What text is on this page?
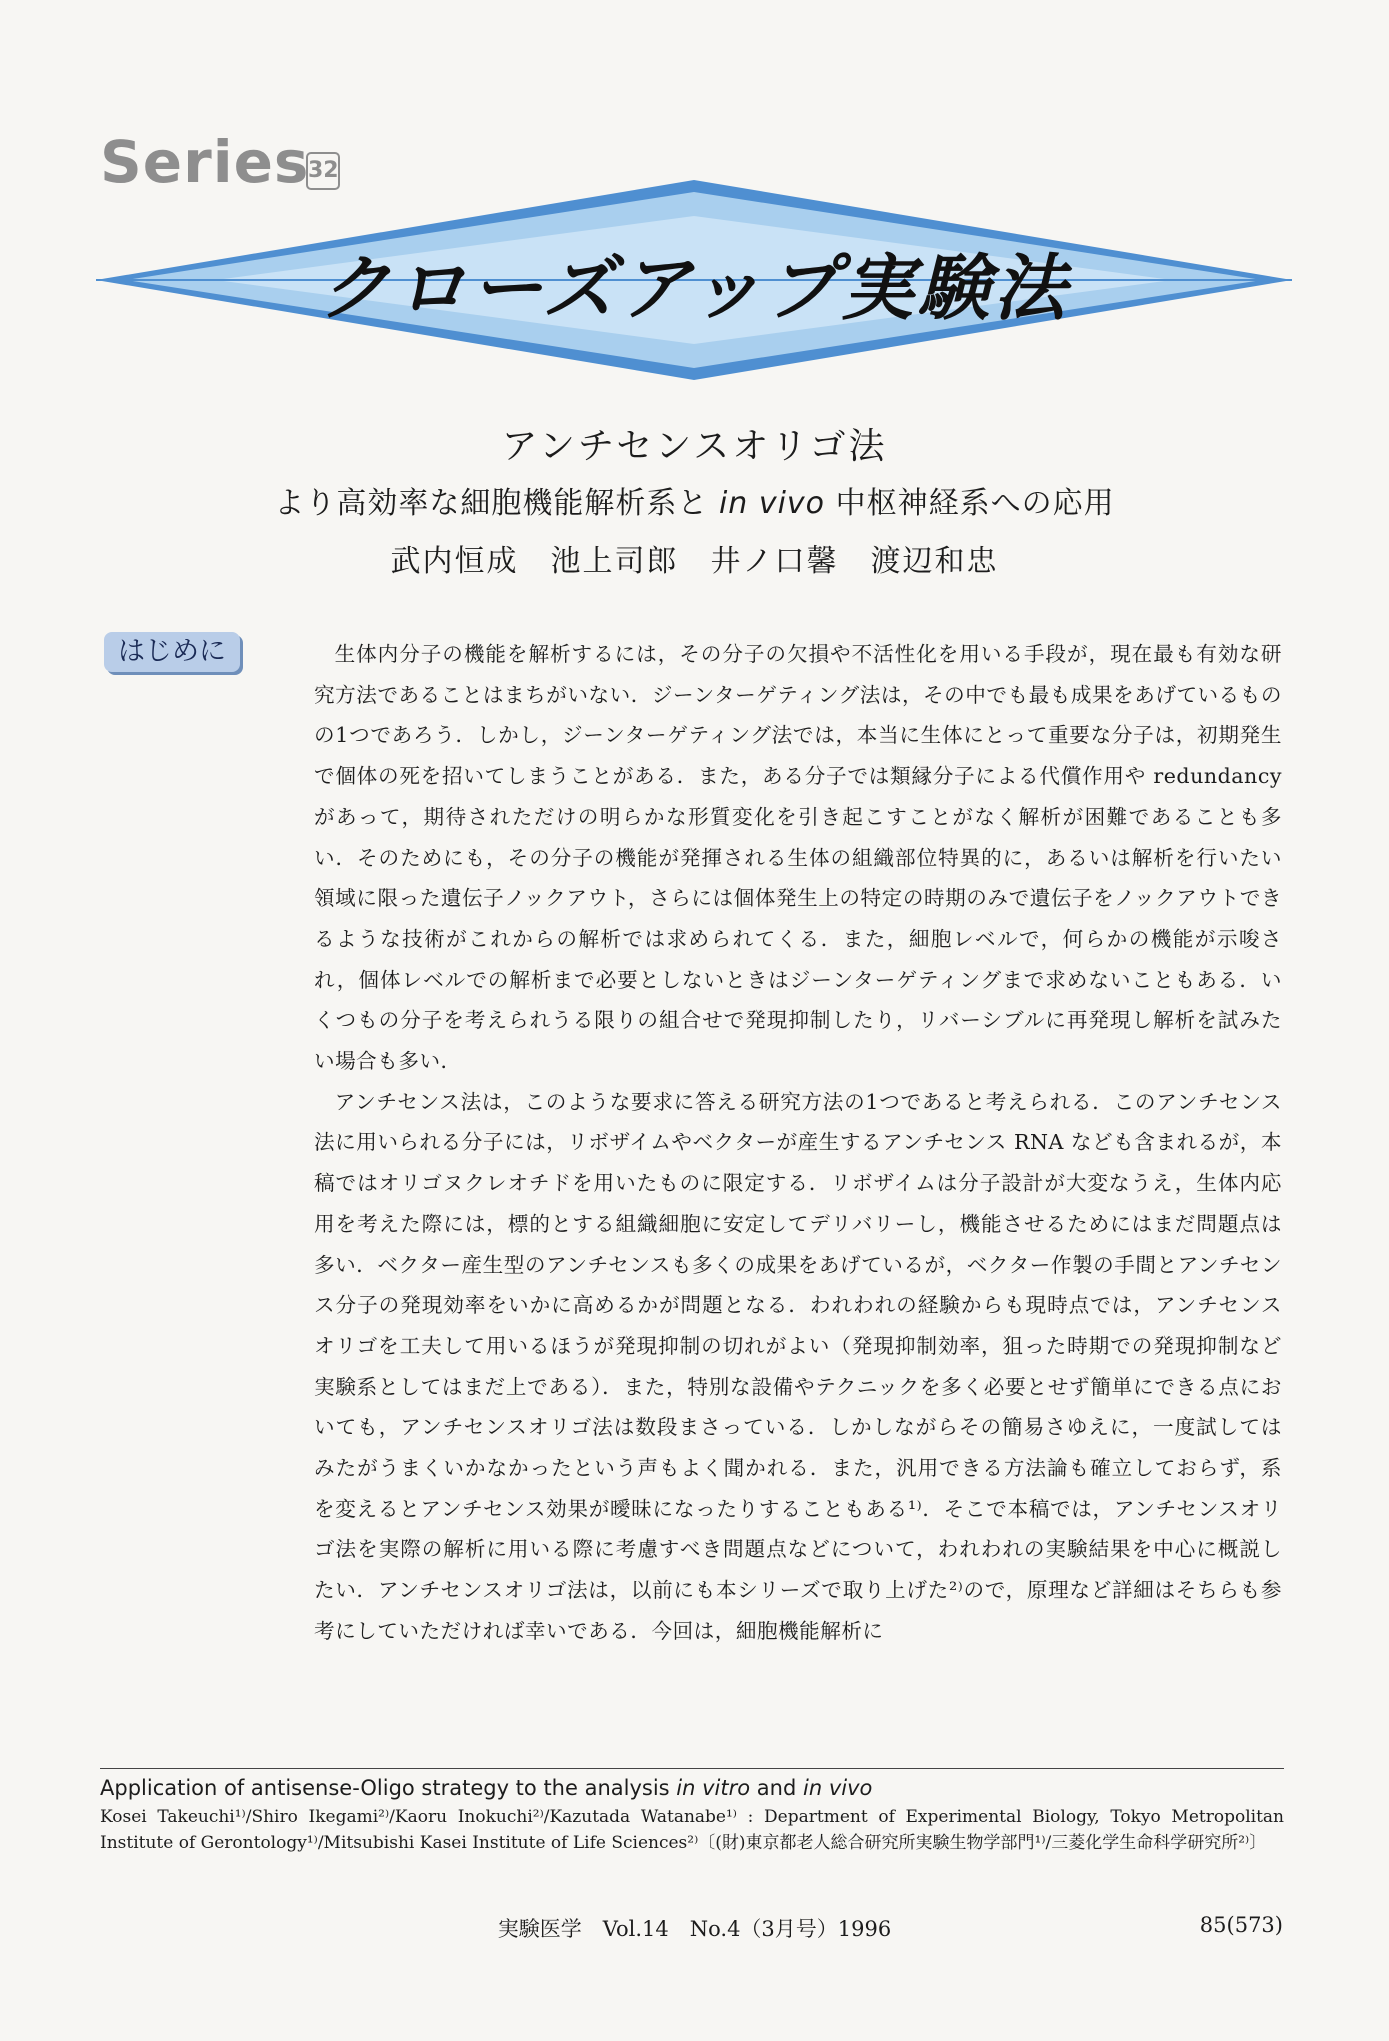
Series
32
クローズアップ実験法
アンチセンスオリゴ法
より高効率な細胞機能解析系と in vivo 中枢神経系への応用
武内恒成　池上司郎　井ノ口馨　渡辺和忠
はじめに	生体内分子の機能を解析するには，その分子の欠損や不活性化を用いる手段が，現在最も有効な研究方法であることはまちがいない．ジーンターゲティング法は，その中でも最も成果をあげているものの1つであろう．しかし，ジーンターゲティング法では，本当に生体にとって重要な分子は，初期発生で個体の死を招いてしまうことがある．また，ある分子では類縁分子による代償作用や redundancy があって，期待されただけの明らかな形質変化を引き起こすことがなく解析が困難であることも多い．そのためにも，その分子の機能が発揮される生体の組織部位特異的に，あるいは解析を行いたい領域に限った遺伝子ノックアウト，さらには個体発生上の特定の時期のみで遺伝子をノックアウトできるような技術がこれからの解析では求められてくる．また，細胞レベルで，何らかの機能が示唆され，個体レベルでの解析まで必要としないときはジーンターゲティングまで求めないこともある．いくつもの分子を考えられうる限りの組合せで発現抑制したり，リバーシブルに再発現し解析を試みたい場合も多い．

アンチセンス法は，このような要求に答える研究方法の1つであると考えられる．このアンチセンス法に用いられる分子には，リボザイムやベクターが産生するアンチセンス RNA なども含まれるが，本稿ではオリゴヌクレオチドを用いたものに限定する．リボザイムは分子設計が大変なうえ，生体内応用を考えた際には，標的とする組織細胞に安定してデリバリーし，機能させるためにはまだ問題点は多い．ベクター産生型のアンチセンスも多くの成果をあげているが，ベクター作製の手間とアンチセンス分子の発現効率をいかに高めるかが問題となる．われわれの経験からも現時点では，アンチセンスオリゴを工夫して用いるほうが発現抑制の切れがよい（発現抑制効率，狙った時期での発現抑制など実験系としてはまだ上である）．また，特別な設備やテクニックを多く必要とせず簡単にできる点においても，アンチセンスオリゴ法は数段まさっている．しかしながらその簡易さゆえに，一度試してはみたがうまくいかなかったという声もよく聞かれる．また，汎用できる方法論も確立しておらず，系を変えるとアンチセンス効果が曖昧になったりすることもある¹⁾．そこで本稿では，アンチセンスオリゴ法を実際の解析に用いる際に考慮すべき問題点などについて，われわれの実験結果を中心に概説したい．アンチセンスオリゴ法は，以前にも本シリーズで取り上げた²⁾ので，原理など詳細はそちらも参考にしていただければ幸いである．今回は，細胞機能解析に

Application of antisense-Oligo strategy to the analysis in vitro and in vivo
Kosei Takeuchi¹⁾/Shiro Ikegami²⁾/Kaoru Inokuchi²⁾/Kazutada Watanabe¹⁾ : Department of Experimental Biology, Tokyo Metropolitan Institute of Gerontology¹⁾/Mitsubishi Kasei Institute of Life Sciences²⁾〔(財)東京都老人総合研究所実験生物学部門¹⁾/三菱化学生命科学研究所²⁾〕
実験医学　Vol.14　No.4（3月号）1996	85(573)
